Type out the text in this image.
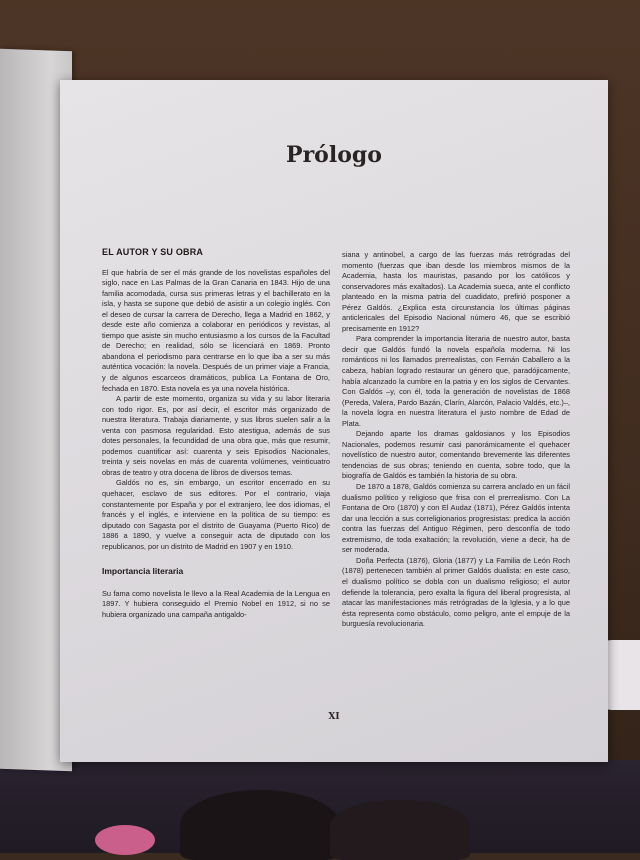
Prólogo
EL AUTOR Y SU OBRA

El que habría de ser el más grande de los novelistas españoles del siglo, nace en Las Palmas de la Gran Canaria en 1843. Hijo de una familia acomodada, cursa sus primeras letras y el bachillerato en la isla, y hasta se supone que debió de asistir a un colegio inglés. Con el deseo de cursar la carrera de Derecho, llega a Madrid en 1862, y desde este año comienza a colaborar en periódicos y revistas, al tiempo que asiste sin mucho entusiasmo a los cursos de la Facultad de Derecho; en realidad, sólo se licenciará en 1869. Pronto abandona el periodismo para centrarse en lo que iba a ser su más auténtica vocación: la novela. Después de un primer viaje a Francia, y de algunos escarceos dramáticos, publica La Fontana de Oro, fechada en 1870. Esta novela es ya una novela histórica.

A partir de este momento, organiza su vida y su labor literaria con todo rigor. Es, por así decir, el escritor más organizado de nuestra literatura. Trabaja diariamente, y sus libros suelen salir a la venta con pasmosa regularidad. Esto atestigua, además de sus dotes personales, la fecundidad de una obra que, más que resumir, podemos cuantificar así: cuarenta y seis Episodios Nacionales, treinta y seis novelas en más de cuarenta volúmenes, veinticuatro obras de teatro y otra docena de libros de diversos temas.

Galdós no es, sin embargo, un escritor encerrado en su quehacer, esclavo de sus editores. Por el contrario, viaja constantemente por España y por el extranjero, lee dos idiomas, el francés y el inglés, e interviene en la política de su tiempo: es diputado con Sagasta por el distrito de Guayama (Puerto Rico) de 1886 a 1890, y vuelve a conseguir acta de diputado con los republicanos, por un distrito de Madrid en 1907 y en 1910.

Importancia literaria

Su fama como novelista le llevo a la Real Academia de la Lengua en 1897. Y hubiera conseguido el Premio Nobel en 1912, si no se hubiera organizado una campaña antigaldo-

siana y antinobel, a cargo de las fuerzas más retrógradas del momento (fuerzas que iban desde los miembros mismos de la Academia, hasta los mauristas, pasando por los católicos y conservadores más exaltados). La Academia sueca, ante el conflicto planteado en la misma patria del cuadidato, prefirió posponer a Pérez Galdós. ¿Explica esta circunstancia los últimas páginas anticlericales del Episodio Nacional número 46, que se escribió precisamente en 1912?

Para comprender la importancia literaria de nuestro autor, basta decir que Galdós fundó la novela española moderna. Ni los románticos ni los llamados prerrealistas, con Fernán Caballero a la cabeza, habían logrado restaurar un género que, paradójicamente, había alcanzado la cumbre en la patria y en los siglos de Cervantes. Con Galdós –y, con él, toda la generación de novelistas de 1868 (Pereda, Valera, Pardo Bazán, Clarín, Alarcón, Palacio Valdés, etc.)–, la novela logra en nuestra literatura el justo nombre de Edad de Plata.

Dejando aparte los dramas galdosianos y los Episodios Nacionales, podemos resumir casi panorámicamente el quehacer novelístico de nuestro autor, comentando brevemente las diferentes tendencias de sus obras; teniendo en cuenta, sobre todo, que la biografía de Galdós es también la historia de su obra.

De 1870 a 1878, Galdós comienza su carrera anclado en un fácil dualismo político y religioso que frisa con el prerrealismo. Con La Fontana de Oro (1870) y con El Audaz (1871), Pérez Galdós intenta dar una lección a sus correligionarios progresistas: predica la acción contra las fuerzas del Antiguo Régimen, pero desconfía de todo extremismo, de toda exaltación; la revolución, viene a decir, ha de ser moderada.

Doña Perfecta (1876), Gloria (1877) y La Familia de León Roch (1878) pertenecen también al primer Galdós dualista: en este caso, el dualismo político se dobla con un dualismo religioso; el autor defiende la tolerancia, pero exalta la figura del liberal progresista, al atacar las manifestaciones más retrógradas de la Iglesia, y a lo que ésta representa como obstáculo, como peligro, ante el empuje de la burguesía revolucionaria.

XI
